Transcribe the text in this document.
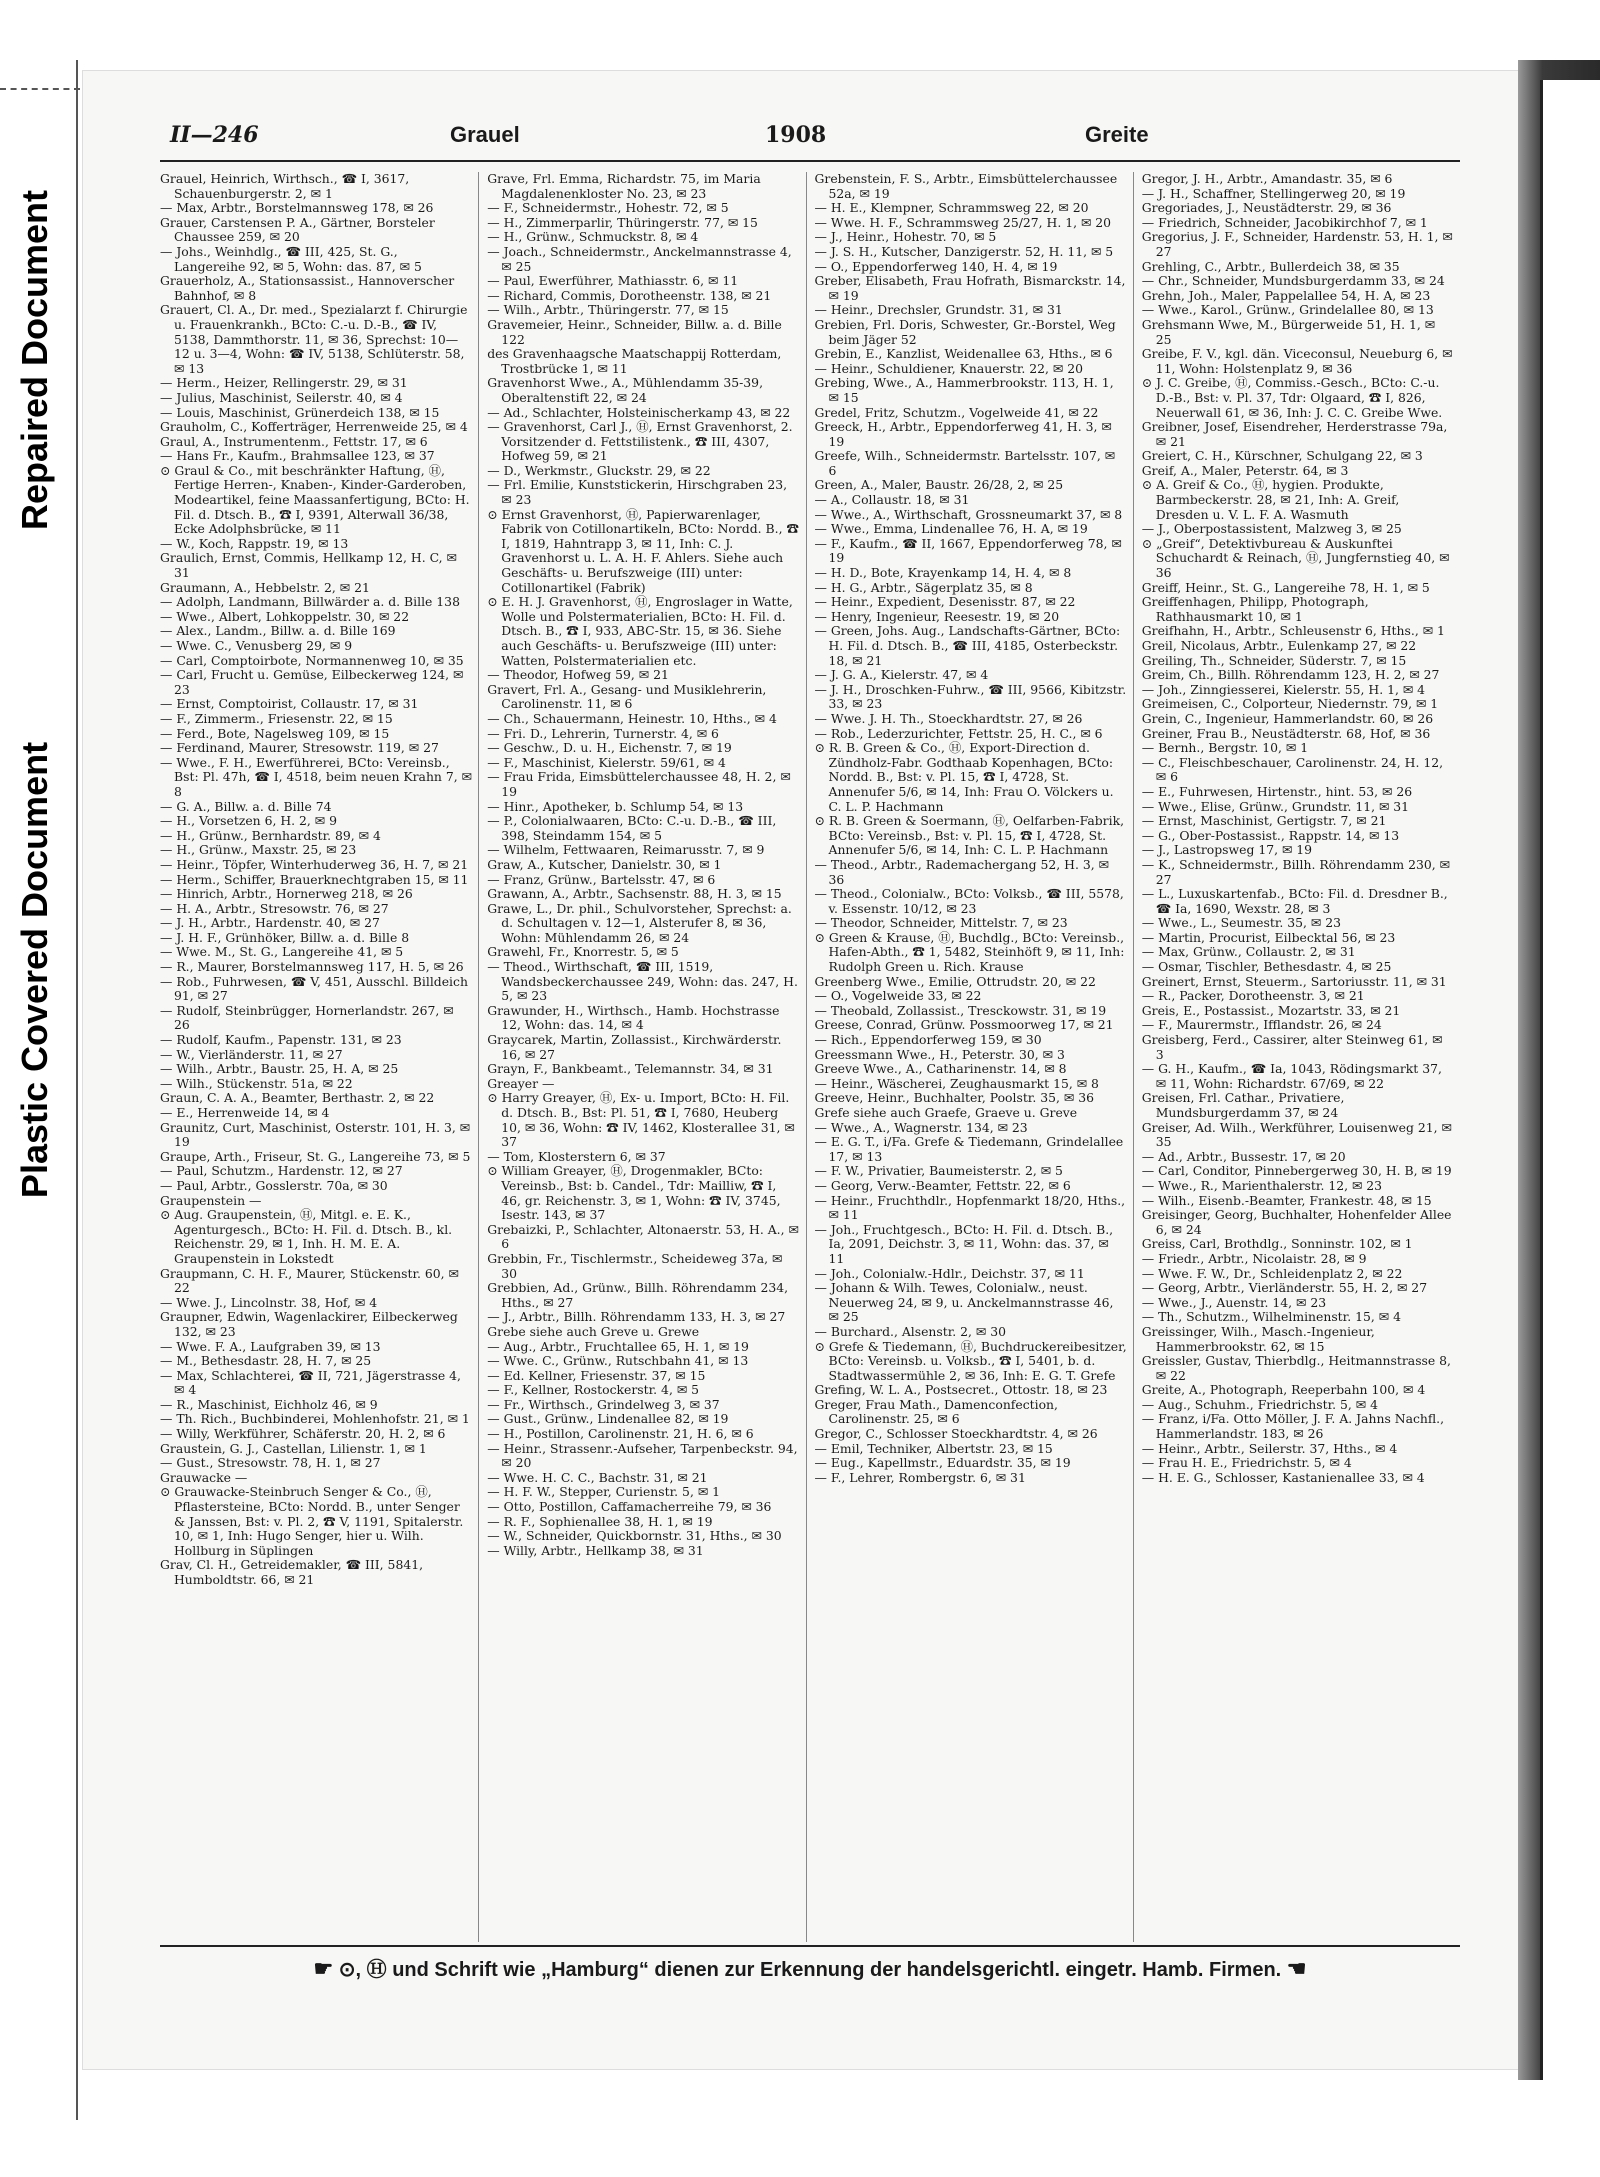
Repaired Document
Plastic Covered Document
II—246	Grauel	1908	Greite

Grauel, Heinrich, Wirthsch., ☎ I, 3617, Schauenburgerstr. 2, ✉ 1

— Max, Arbtr., Borstelmannsweg 178, ✉ 26

Grauer, Carstensen P. A., Gärtner, Borsteler Chaussee 259, ✉ 20

— Johs., Weinhdlg., ☎ III, 425, St. G., Langereihe 92, ✉ 5, Wohn: das. 87, ✉ 5

Grauerholz, A., Stationsassist., Hannoverscher Bahnhof, ✉ 8

Grauert, Cl. A., Dr. med., Spezialarzt f. Chirurgie u. Frauenkrankh., BCto: C.-u. D.-B., ☎ IV, 5138, Dammthorstr. 11, ✉ 36, Sprechst: 10—12 u. 3—4, Wohn: ☎ IV, 5138, Schlüterstr. 58, ✉ 13

— Herm., Heizer, Rellingerstr. 29, ✉ 31

— Julius, Maschinist, Seilerstr. 40, ✉ 4

— Louis, Maschinist, Grünerdeich 138, ✉ 15

Grauholm, C., Kofferträger, Herrenweide 25, ✉ 4

Graul, A., Instrumentenm., Fettstr. 17, ✉ 6

— Hans Fr., Kaufm., Brahmsallee 123, ✉ 37

⊙ Graul & Co., mit beschränkter Haftung, Ⓗ, Fertige Herren-, Knaben-, Kinder-Garderoben, Modeartikel, feine Maassanfertigung, BCto: H. Fil. d. Dtsch. B., ☎ I, 9391, Alterwall 36/38, Ecke Adolphsbrücke, ✉ 11

— W., Koch, Rappstr. 19, ✉ 13

Graulich, Ernst, Commis, Hellkamp 12, H. C, ✉ 31

Graumann, A., Hebbelstr. 2, ✉ 21

— Adolph, Landmann, Billwärder a. d. Bille 138

— Wwe., Albert, Lohkoppelstr. 30, ✉ 22

— Alex., Landm., Billw. a. d. Bille 169

— Wwe. C., Venusberg 29, ✉ 9

— Carl, Comptoirbote, Normannenweg 10, ✉ 35

— Carl, Frucht u. Gemüse, Eilbeckerweg 124, ✉ 23

— Ernst, Comptoirist, Collaustr. 17, ✉ 31

— F., Zimmerm., Friesenstr. 22, ✉ 15

— Ferd., Bote, Nagelsweg 109, ✉ 15

— Ferdinand, Maurer, Stresowstr. 119, ✉ 27

— Wwe., F. H., Ewerführerei, BCto: Vereinsb., Bst: Pl. 47h, ☎ I, 4518, beim neuen Krahn 7, ✉ 8

— G. A., Billw. a. d. Bille 74

— H., Vorsetzen 6, H. 2, ✉ 9

— H., Grünw., Bernhardstr. 89, ✉ 4

— H., Grünw., Maxstr. 25, ✉ 23

— Heinr., Töpfer, Winterhuderweg 36, H. 7, ✉ 21

— Herm., Schiffer, Brauerknechtgraben 15, ✉ 11

— Hinrich, Arbtr., Hornerweg 218, ✉ 26

— H. A., Arbtr., Stresowstr. 76, ✉ 27

— J. H., Arbtr., Hardenstr. 40, ✉ 27

— J. H. F., Grünhöker, Billw. a. d. Bille 8

— Wwe. M., St. G., Langereihe 41, ✉ 5

— R., Maurer, Borstelmannsweg 117, H. 5, ✉ 26

— Rob., Fuhrwesen, ☎ V, 451, Ausschl. Billdeich 91, ✉ 27

— Rudolf, Steinbrügger, Hornerlandstr. 267, ✉ 26

— Rudolf, Kaufm., Papenstr. 131, ✉ 23

— W., Vierländerstr. 11, ✉ 27

— Wilh., Arbtr., Baustr. 25, H. A, ✉ 25

— Wilh., Stückenstr. 51a, ✉ 22

Graun, C. A. A., Beamter, Berthastr. 2, ✉ 22

— E., Herrenweide 14, ✉ 4

Graunitz, Curt, Maschinist, Osterstr. 101, H. 3, ✉ 19

Graupe, Arth., Friseur, St. G., Langereihe 73, ✉ 5

— Paul, Schutzm., Hardenstr. 12, ✉ 27

— Paul, Arbtr., Gosslerstr. 70a, ✉ 30

Graupenstein —

⊙ Aug. Graupenstein, Ⓗ, Mitgl. e. E. K., Agenturgesch., BCto: H. Fil. d. Dtsch. B., kl. Reichenstr. 29, ✉ 1, Inh. H. M. E. A. Graupenstein in Lokstedt

Graupmann, C. H. F., Maurer, Stückenstr. 60, ✉ 22

— Wwe. J., Lincolnstr. 38, Hof, ✉ 4

Graupner, Edwin, Wagenlackirer, Eilbeckerweg 132, ✉ 23

— Wwe. F. A., Laufgraben 39, ✉ 13

— M., Bethesdastr. 28, H. 7, ✉ 25

— Max, Schlachterei, ☎ II, 721, Jägerstrasse 4, ✉ 4

— R., Maschinist, Eichholz 46, ✉ 9

— Th. Rich., Buchbinderei, Mohlenhofstr. 21, ✉ 1

— Willy, Werkführer, Schäferstr. 20, H. 2, ✉ 6

Graustein, G. J., Castellan, Lilienstr. 1, ✉ 1

— Gust., Stresowstr. 78, H. 1, ✉ 27

Grauwacke —

⊙ Grauwacke-Steinbruch Senger & Co., Ⓗ, Pflastersteine, BCto: Nordd. B., unter Senger & Janssen, Bst: v. Pl. 2, ☎ V, 1191, Spitalerstr. 10, ✉ 1, Inh: Hugo Senger, hier u. Wilh. Hollburg in Süplingen

Grav, Cl. H., Getreidemakler, ☎ III, 5841, Humboldtstr. 66, ✉ 21

Grave, Frl. Emma, Richardstr. 75, im Maria Magdalenenkloster No. 23, ✉ 23

— F., Schneidermstr., Hohestr. 72, ✉ 5

— H., Zimmerparlir, Thüringerstr. 77, ✉ 15

— H., Grünw., Schmuckstr. 8, ✉ 4

— Joach., Schneidermstr., Anckelmannstrasse 4, ✉ 25

— Paul, Ewerführer, Mathiasstr. 6, ✉ 11

— Richard, Commis, Dorotheenstr. 138, ✉ 21

— Wilh., Arbtr., Thüringerstr. 77, ✉ 15

Gravemeier, Heinr., Schneider, Billw. a. d. Bille 122

des Gravenhaagsche Maatschappij Rotterdam, Trostbrücke 1, ✉ 11

Gravenhorst Wwe., A., Mühlendamm 35-39, Oberaltenstift 22, ✉ 24

— Ad., Schlachter, Holsteinischerkamp 43, ✉ 22

— Gravenhorst, Carl J., Ⓗ, Ernst Gravenhorst, 2. Vorsitzender d. Fettstilistenk., ☎ III, 4307, Hofweg 59, ✉ 21

— D., Werkmstr., Gluckstr. 29, ✉ 22

— Frl. Emilie, Kunststickerin, Hirschgraben 23, ✉ 23

⊙ Ernst Gravenhorst, Ⓗ, Papierwarenlager, Fabrik von Cotillonartikeln, BCto: Nordd. B., ☎ I, 1819, Hahntrapp 3, ✉ 11, Inh: C. J. Gravenhorst u. L. A. H. F. Ahlers. Siehe auch Geschäfts- u. Berufszweige (III) unter: Cotillonartikel (Fabrik)

⊙ E. H. J. Gravenhorst, Ⓗ, Engroslager in Watte, Wolle und Polstermaterialien, BCto: H. Fil. d. Dtsch. B., ☎ I, 933, ABC-Str. 15, ✉ 36. Siehe auch Geschäfts- u. Berufszweige (III) unter: Watten, Polstermaterialien etc.

— Theodor, Hofweg 59, ✉ 21

Gravert, Frl. A., Gesang- und Musiklehrerin, Carolinenstr. 11, ✉ 6

— Ch., Schauermann, Heinestr. 10, Hths., ✉ 4

— Fri. D., Lehrerin, Turnerstr. 4, ✉ 6

— Geschw., D. u. H., Eichenstr. 7, ✉ 19

— F., Maschinist, Kielerstr. 59/61, ✉ 4

— Frau Frida, Eimsbüttelerchaussee 48, H. 2, ✉ 19

— Hinr., Apotheker, b. Schlump 54, ✉ 13

— P., Colonialwaaren, BCto: C.-u. D.-B., ☎ III, 398, Steindamm 154, ✉ 5

— Wilhelm, Fettwaaren, Reimarusstr. 7, ✉ 9

Graw, A., Kutscher, Danielstr. 30, ✉ 1

— Franz, Grünw., Bartelsstr. 47, ✉ 6

Grawann, A., Arbtr., Sachsenstr. 88, H. 3, ✉ 15

Grawe, L., Dr. phil., Schulvorsteher, Sprechst: a. d. Schultagen v. 12—1, Alsterufer 8, ✉ 36, Wohn: Mühlendamm 26, ✉ 24

Grawehl, Fr., Knorrestr. 5, ✉ 5

— Theod., Wirthschaft, ☎ III, 1519, Wandsbeckerchaussee 249, Wohn: das. 247, H. 5, ✉ 23

Grawunder, H., Wirthsch., Hamb. Hochstrasse 12, Wohn: das. 14, ✉ 4

Graycarek, Martin, Zollassist., Kirchwärderstr. 16, ✉ 27

Grayn, F., Bankbeamt., Telemannstr. 34, ✉ 31

Greayer —

⊙ Harry Greayer, Ⓗ, Ex- u. Import, BCto: H. Fil. d. Dtsch. B., Bst: Pl. 51, ☎ I, 7680, Heuberg 10, ✉ 36, Wohn: ☎ IV, 1462, Klosterallee 31, ✉ 37

— Tom, Klosterstern 6, ✉ 37

⊙ William Greayer, Ⓗ, Drogenmakler, BCto: Vereinsb., Bst: b. Candel., Tdr: Mailliw, ☎ I, 46, gr. Reichenstr. 3, ✉ 1, Wohn: ☎ IV, 3745, Isestr. 143, ✉ 37

Grebaizki, P., Schlachter, Altonaerstr. 53, H. A., ✉ 6

Grebbin, Fr., Tischlermstr., Scheideweg 37a, ✉ 30

Grebbien, Ad., Grünw., Billh. Röhrendamm 234, Hths., ✉ 27

— J., Arbtr., Billh. Röhrendamm 133, H. 3, ✉ 27

Grebe siehe auch Greve u. Grewe

— Aug., Arbtr., Fruchtallee 65, H. 1, ✉ 19

— Wwe. C., Grünw., Rutschbahn 41, ✉ 13

— Ed. Kellner, Friesenstr. 37, ✉ 15

— F., Kellner, Rostockerstr. 4, ✉ 5

— Fr., Wirthsch., Grindelweg 3, ✉ 37

— Gust., Grünw., Lindenallee 82, ✉ 19

— H., Postillon, Carolinenstr. 21, H. 6, ✉ 6

— Heinr., Strassenr.-Aufseher, Tarpenbeckstr. 94, ✉ 20

— Wwe. H. C. C., Bachstr. 31, ✉ 21

— H. F. W., Stepper, Curienstr. 5, ✉ 1

— Otto, Postillon, Caffamacherreihe 79, ✉ 36

— R. F., Sophienallee 38, H. 1, ✉ 19

— W., Schneider, Quickbornstr. 31, Hths., ✉ 30

— Willy, Arbtr., Hellkamp 38, ✉ 31

Grebenstein, F. S., Arbtr., Eimsbüttelerchaussee 52a, ✉ 19

— H. E., Klempner, Schrammsweg 22, ✉ 20

— Wwe. H. F., Schrammsweg 25/27, H. 1, ✉ 20

— J., Heinr., Hohestr. 70, ✉ 5

— J. S. H., Kutscher, Danzigerstr. 52, H. 11, ✉ 5

— O., Eppendorferweg 140, H. 4, ✉ 19

Greber, Elisabeth, Frau Hofrath, Bismarckstr. 14, ✉ 19

— Heinr., Drechsler, Grundstr. 31, ✉ 31

Grebien, Frl. Doris, Schwester, Gr.-Borstel, Weg beim Jäger 52

Grebin, E., Kanzlist, Weidenallee 63, Hths., ✉ 6

— Heinr., Schuldiener, Knauerstr. 22, ✉ 20

Grebing, Wwe., A., Hammerbrookstr. 113, H. 1, ✉ 15

Gredel, Fritz, Schutzm., Vogelweide 41, ✉ 22

Greeck, H., Arbtr., Eppendorferweg 41, H. 3, ✉ 19

Greefe, Wilh., Schneidermstr. Bartelsstr. 107, ✉ 6

Green, A., Maler, Baustr. 26/28, 2, ✉ 25

— A., Collaustr. 18, ✉ 31

— Wwe., A., Wirthschaft, Grossneumarkt 37, ✉ 8

— Wwe., Emma, Lindenallee 76, H. A, ✉ 19

— F., Kaufm., ☎ II, 1667, Eppendorferweg 78, ✉ 19

— H. D., Bote, Krayenkamp 14, H. 4, ✉ 8

— H. G., Arbtr., Sägerplatz 35, ✉ 8

— Heinr., Expedient, Desenisstr. 87, ✉ 22

— Henry, Ingenieur, Reesestr. 19, ✉ 20

— Green, Johs. Aug., Landschafts-Gärtner, BCto: H. Fil. d. Dtsch. B., ☎ III, 4185, Osterbeckstr. 18, ✉ 21

— J. G. A., Kielerstr. 47, ✉ 4

— J. H., Droschken-Fuhrw., ☎ III, 9566, Kibitzstr. 33, ✉ 23

— Wwe. J. H. Th., Stoeckhardtstr. 27, ✉ 26

— Rob., Lederzurichter, Fettstr. 25, H. C., ✉ 6

⊙ R. B. Green & Co., Ⓗ, Export-Direction d. Zündholz-Fabr. Godthaab Kopenhagen, BCto: Nordd. B., Bst: v. Pl. 15, ☎ I, 4728, St. Annenufer 5/6, ✉ 14, Inh: Frau O. Völckers u. C. L. P. Hachmann

⊙ R. B. Green & Soermann, Ⓗ, Oelfarben-Fabrik, BCto: Vereinsb., Bst: v. Pl. 15, ☎ I, 4728, St. Annenufer 5/6, ✉ 14, Inh: C. L. P. Hachmann

— Theod., Arbtr., Rademachergang 52, H. 3, ✉ 36

— Theod., Colonialw., BCto: Volksb., ☎ III, 5578, v. Essenstr. 10/12, ✉ 23

— Theodor, Schneider, Mittelstr. 7, ✉ 23

⊙ Green & Krause, Ⓗ, Buchdlg., BCto: Vereinsb., Hafen-Abth., ☎ 1, 5482, Steinhöft 9, ✉ 11, Inh: Rudolph Green u. Rich. Krause

Greenberg Wwe., Emilie, Ottrudstr. 20, ✉ 22

— O., Vogelweide 33, ✉ 22

— Theobald, Zollassist., Tresckowstr. 31, ✉ 19

Greese, Conrad, Grünw. Possmoorweg 17, ✉ 21

— Rich., Eppendorferweg 159, ✉ 30

Greessmann Wwe., H., Peterstr. 30, ✉ 3

Greeve Wwe., A., Catharinenstr. 14, ✉ 8

— Heinr., Wäscherei, Zeughausmarkt 15, ✉ 8

Greeve, Heinr., Buchhalter, Poolstr. 35, ✉ 36

Grefe siehe auch Graefe, Graeve u. Greve

— Wwe., A., Wagnerstr. 134, ✉ 23

— E. G. T., i/Fa. Grefe & Tiedemann, Grindelallee 17, ✉ 13

— F. W., Privatier, Baumeisterstr. 2, ✉ 5

— Georg, Verw.-Beamter, Fettstr. 22, ✉ 6

— Heinr., Fruchthdlr., Hopfenmarkt 18/20, Hths., ✉ 11

— Joh., Fruchtgesch., BCto: H. Fil. d. Dtsch. B., Ia, 2091, Deichstr. 3, ✉ 11, Wohn: das. 37, ✉ 11

— Joh., Colonialw.-Hdlr., Deichstr. 37, ✉ 11

— Johann & Wilh. Tewes, Colonialw., neust. Neuerweg 24, ✉ 9, u. Anckelmannstrasse 46, ✉ 25

— Burchard., Alsenstr. 2, ✉ 30

⊙ Grefe & Tiedemann, Ⓗ, Buchdruckereibesitzer, BCto: Vereinsb. u. Volksb., ☎ I, 5401, b. d. Stadtwassermühle 2, ✉ 36, Inh: E. G. T. Grefe

Grefing, W. L. A., Postsecret., Ottostr. 18, ✉ 23

Greger, Frau Math., Damenconfection, Carolinenstr. 25, ✉ 6

Gregor, C., Schlosser Stoeckhardtstr. 4, ✉ 26

— Emil, Techniker, Albertstr. 23, ✉ 15

— Eug., Kapellmstr., Eduardstr. 35, ✉ 19

— F., Lehrer, Rombergstr. 6, ✉ 31

Gregor, J. H., Arbtr., Amandastr. 35, ✉ 6

— J. H., Schaffner, Stellingerweg 20, ✉ 19

Gregoriades, J., Neustädterstr. 29, ✉ 36

— Friedrich, Schneider, Jacobikirchhof 7, ✉ 1

Gregorius, J. F., Schneider, Hardenstr. 53, H. 1, ✉ 27

Grehling, C., Arbtr., Bullerdeich 38, ✉ 35

— Chr., Schneider, Mundsburgerdamm 33, ✉ 24

Grehn, Joh., Maler, Pappelallee 54, H. A, ✉ 23

— Wwe., Karol., Grünw., Grindelallee 80, ✉ 13

Grehsmann Wwe, M., Bürgerweide 51, H. 1, ✉ 25

Greibe, F. V., kgl. dän. Viceconsul, Neueburg 6, ✉ 11, Wohn: Holstenplatz 9, ✉ 36

⊙ J. C. Greibe, Ⓗ, Commiss.-Gesch., BCto: C.-u. D.-B., Bst: v. Pl. 37, Tdr: Olgaard, ☎ I, 826, Neuerwall 61, ✉ 36, Inh: J. C. C. Greibe Wwe.

Greibner, Josef, Eisendreher, Herderstrasse 79a, ✉ 21

Greiert, C. H., Kürschner, Schulgang 22, ✉ 3

Greif, A., Maler, Peterstr. 64, ✉ 3

⊙ A. Greif & Co., Ⓗ, hygien. Produkte, Barmbeckerstr. 28, ✉ 21, Inh: A. Greif, Dresden u. V. L. F. A. Wasmuth

— J., Oberpostassistent, Malzweg 3, ✉ 25

⊙ „Greif“, Detektivbureau & Auskunftei Schuchardt & Reinach, Ⓗ, Jungfernstieg 40, ✉ 36

Greiff, Heinr., St. G., Langereihe 78, H. 1, ✉ 5

Greiffenhagen, Philipp, Photograph, Rathhausmarkt 10, ✉ 1

Greifhahn, H., Arbtr., Schleusenstr 6, Hths., ✉ 1

Greil, Nicolaus, Arbtr., Eulenkamp 27, ✉ 22

Greiling, Th., Schneider, Süderstr. 7, ✉ 15

Greim, Ch., Billh. Röhrendamm 123, H. 2, ✉ 27

— Joh., Zinngiesserei, Kielerstr. 55, H. 1, ✉ 4

Greimeisen, C., Colporteur, Niedernstr. 79, ✉ 1

Grein, C., Ingenieur, Hammerlandstr. 60, ✉ 26

Greiner, Frau B., Neustädterstr. 68, Hof, ✉ 36

— Bernh., Bergstr. 10, ✉ 1

— C., Fleischbeschauer, Carolinenstr. 24, H. 12, ✉ 6

— E., Fuhrwesen, Hirtenstr., hint. 53, ✉ 26

— Wwe., Elise, Grünw., Grundstr. 11, ✉ 31

— Ernst, Maschinist, Gertigstr. 7, ✉ 21

— G., Ober-Postassist., Rappstr. 14, ✉ 13

— J., Lastropsweg 17, ✉ 19

— K., Schneidermstr., Billh. Röhrendamm 230, ✉ 27

— L., Luxuskartenfab., BCto: Fil. d. Dresdner B., ☎ Ia, 1690, Wexstr. 28, ✉ 3

— Wwe., L., Seumestr. 35, ✉ 23

— Martin, Procurist, Eilbecktal 56, ✉ 23

— Max, Grünw., Collaustr. 2, ✉ 31

— Osmar, Tischler, Bethesdastr. 4, ✉ 25

Greinert, Ernst, Steuerm., Sartoriusstr. 11, ✉ 31

— R., Packer, Dorotheenstr. 3, ✉ 21

Greis, E., Postassist., Mozartstr. 33, ✉ 21

— F., Maurermstr., Ifflandstr. 26, ✉ 24

Greisberg, Ferd., Cassirer, alter Steinweg 61, ✉ 3

— G. H., Kaufm., ☎ Ia, 1043, Rödingsmarkt 37, ✉ 11, Wohn: Richardstr. 67/69, ✉ 22

Greisen, Frl. Cathar., Privatiere, Mundsburgerdamm 37, ✉ 24

Greiser, Ad. Wilh., Werkführer, Louisenweg 21, ✉ 35

— Ad., Arbtr., Bussestr. 17, ✉ 20

— Carl, Conditor, Pinnebergerweg 30, H. B, ✉ 19

— Wwe., R., Marienthalerstr. 12, ✉ 23

— Wilh., Eisenb.-Beamter, Frankestr. 48, ✉ 15

Greisinger, Georg, Buchhalter, Hohenfelder Allee 6, ✉ 24

Greiss, Carl, Brothdlg., Sonninstr. 102, ✉ 1

— Friedr., Arbtr., Nicolaistr. 28, ✉ 9

— Wwe. F. W., Dr., Schleidenplatz 2, ✉ 22

— Georg, Arbtr., Vierländerstr. 55, H. 2, ✉ 27

— Wwe., J., Auenstr. 14, ✉ 23

— Th., Schutzm., Wilhelminenstr. 15, ✉ 4

Greissinger, Wilh., Masch.-Ingenieur, Hammerbrookstr. 62, ✉ 15

Greissler, Gustav, Thierbdlg., Heitmannstrasse 8, ✉ 22

Greite, A., Photograph, Reeperbahn 100, ✉ 4

— Aug., Schuhm., Friedrichstr. 5, ✉ 4

— Franz, i/Fa. Otto Möller, J. F. A. Jahns Nachfl., Hammerlandstr. 183, ✉ 26

— Heinr., Arbtr., Seilerstr. 37, Hths., ✉ 4

— Frau H. E., Friedrichstr. 5, ✉ 4

— H. E. G., Schlosser, Kastanienallee 33, ✉ 4

☛ ⊙, Ⓗ und Schrift wie „Hamburg“ dienen zur Erkennung der handelsgerichtl. eingetr. Hamb. Firmen. ☚
